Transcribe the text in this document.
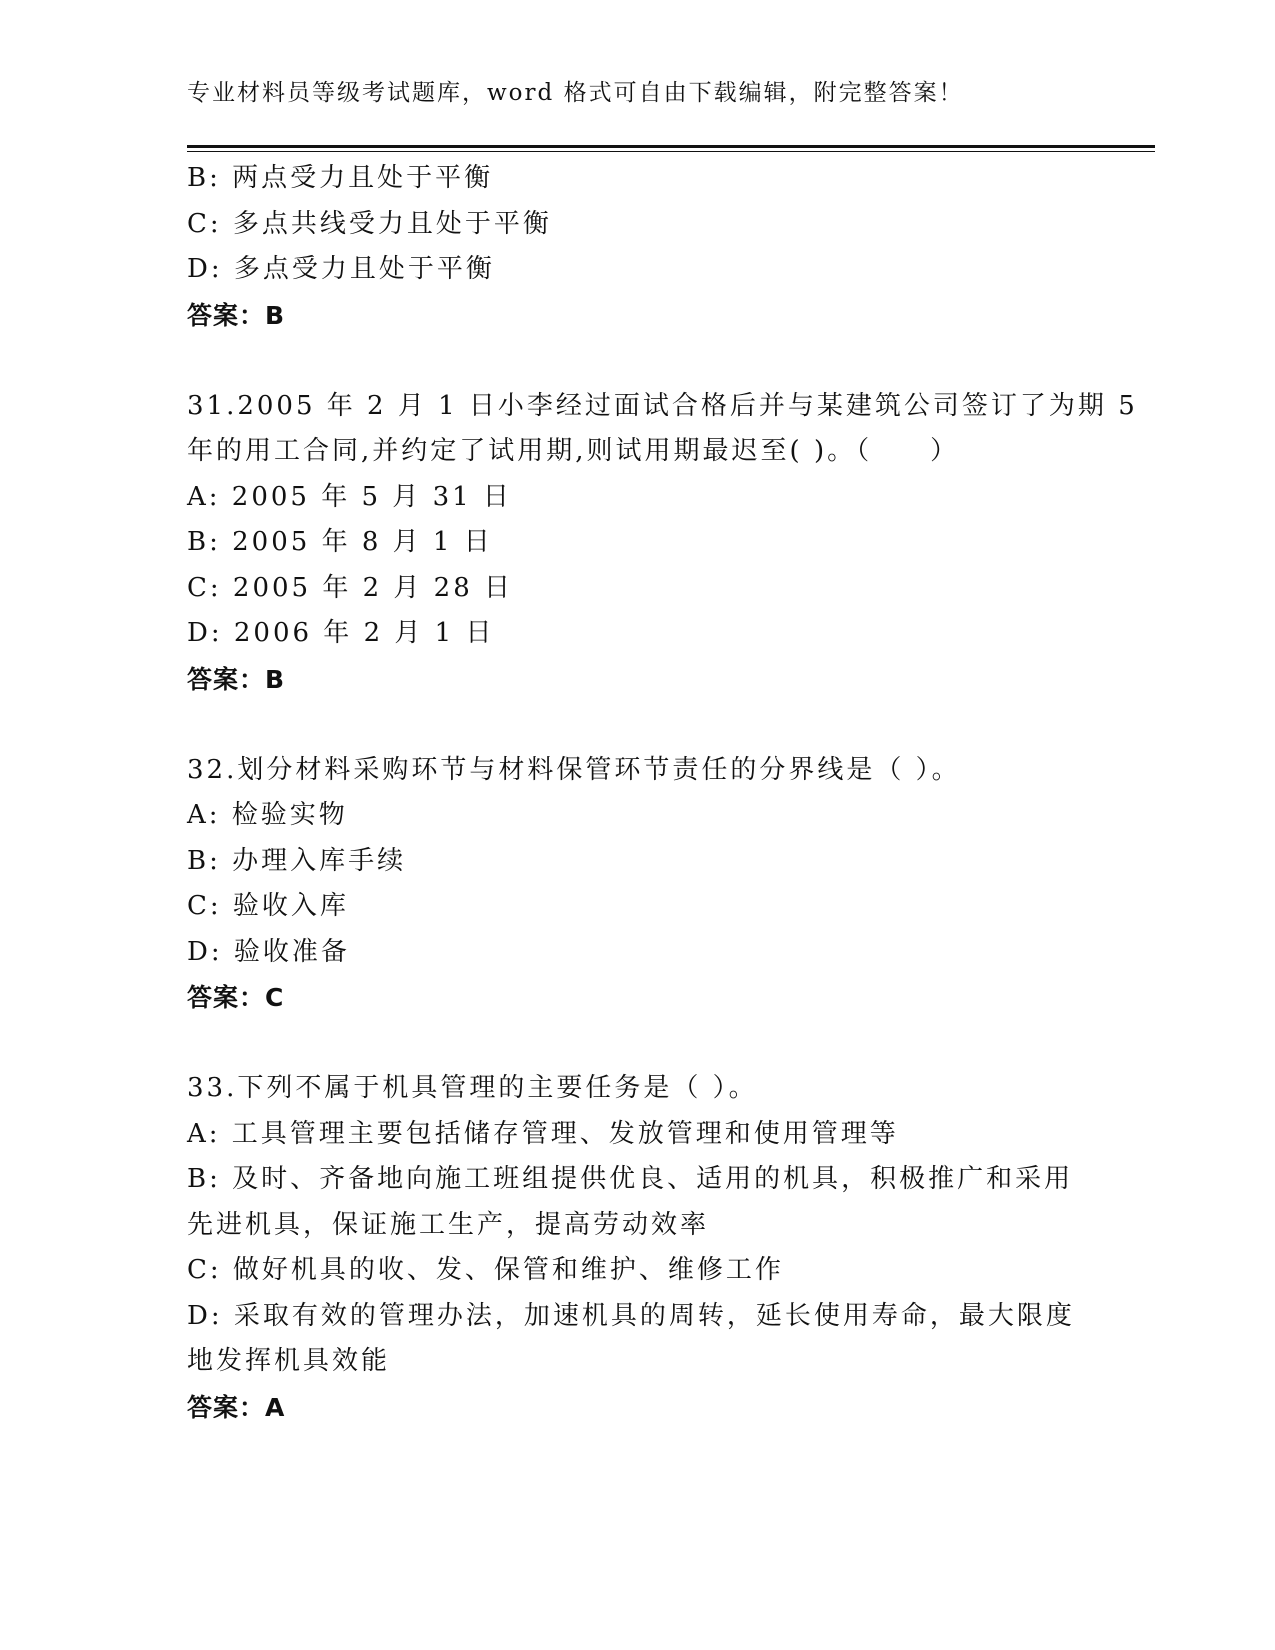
专业材料员等级考试题库，word 格式可自由下载编辑，附完整答案！
B: 两点受力且处于平衡
C: 多点共线受力且处于平衡
D: 多点受力且处于平衡
答案：B
31.2005 年 2 月 1 日小李经过面试合格后并与某建筑公司签订了为期 5
年的用工合同,并约定了试用期,则试用期最迟至( )。（　　）
A: 2005 年 5 月 31 日
B: 2005 年 8 月 1 日
C: 2005 年 2 月 28 日
D: 2006 年 2 月 1 日
答案：B
32.划分材料采购环节与材料保管环节责任的分界线是（ ）。
A: 检验实物
B: 办理入库手续
C: 验收入库
D: 验收准备
答案：C
33.下列不属于机具管理的主要任务是（ ）。
A: 工具管理主要包括储存管理、发放管理和使用管理等
B: 及时、齐备地向施工班组提供优良、适用的机具，积极推广和采用
先进机具，保证施工生产，提高劳动效率
C: 做好机具的收、发、保管和维护、维修工作
D: 采取有效的管理办法，加速机具的周转，延长使用寿命，最大限度
地发挥机具效能
答案：A
